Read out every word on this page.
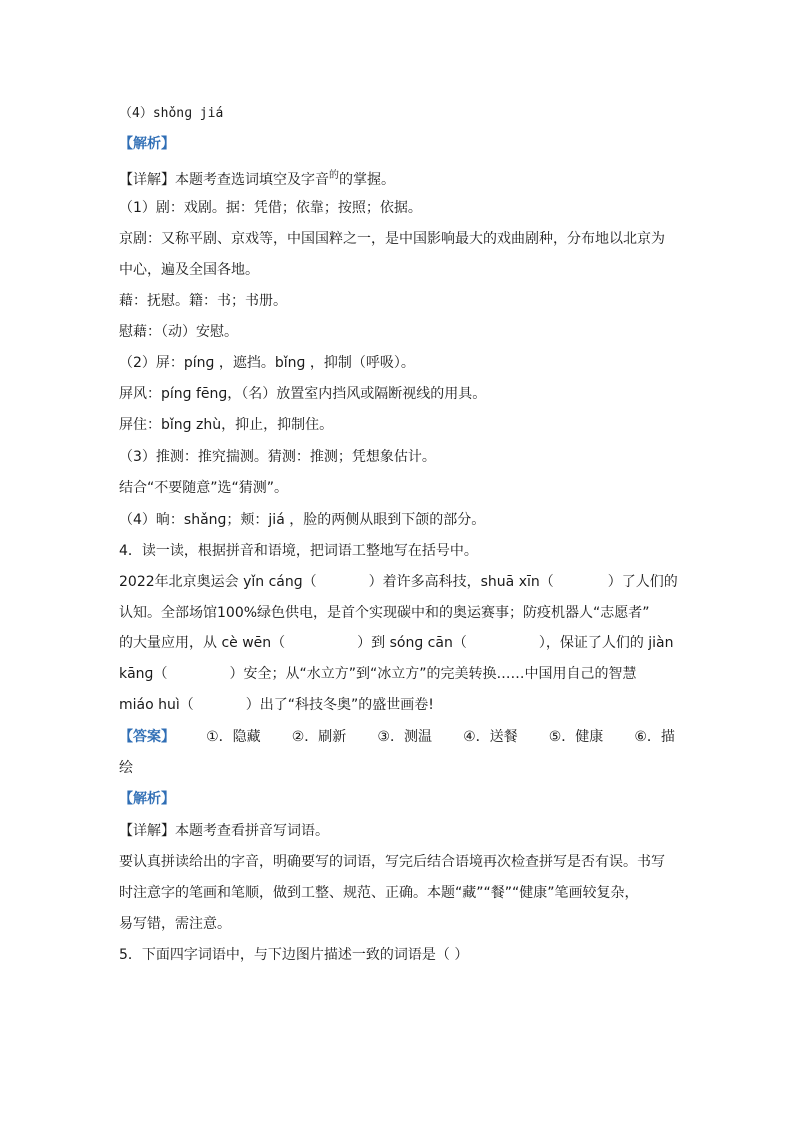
（4）shǒnɡ jiá
【解析】
【详解】本题考查选词填空及字音$^的$的掌握。
（1）剧：戏剧。据：凭借；依靠；按照；依据。
京剧：又称平剧、京戏等，中国国粹之一，是中国影响最大的戏曲剧种，分布地以北京为
中心，遍及全国各地。
藉：抚慰。籍：书；书册。
慰藉：（动）安慰。
（2）屏：pínɡ ，遮挡。bǐnɡ ，抑制（呼吸）。
屏风：pínɡ fēnɡ，（名）放置室内挡风或隔断视线的用具。
屏住：bǐnɡ zhù，抑止，抑制住。
（3）推测：推究揣测。猜测：推测；凭想象估计。
结合“不要随意”选“猜测”。
（4）晌：shǎnɡ；颊：jiá ，脸的两侧从眼到下颌的部分。
4．读一读，根据拼音和语境，把词语工整地写在括号中。
2022年北京奥运会 yǐn cánɡ（	）着许多高科技，shuā xīn（	）了人们的
认知。全部场馆100%绿色供电，是首个实现碳中和的奥运赛事；防疫机器人“志愿者”
的大量应用，从 cè wēn（	）到 sónɡ cān（	），保证了人们的 jiàn
kānɡ（	）安全；从“水立方”到“冰立方”的完美转换……中国用自己的智慧
miáo huì（	）出了“科技冬奥”的盛世画卷!
【答案】 ①．隐藏 ②．刷新 ③．测温 ④．送餐 ⑤．健康 ⑥．描
绘
【解析】
【详解】本题考查看拼音写词语。
要认真拼读给出的字音，明确要写的词语，写完后结合语境再次检查拼写是否有误。书写
时注意字的笔画和笔顺，做到工整、规范、正确。本题“藏”“餐”“健康”笔画较复杂，
易写错，需注意。
5．下面四字词语中，与下边图片描述一致的词语是（ ）
